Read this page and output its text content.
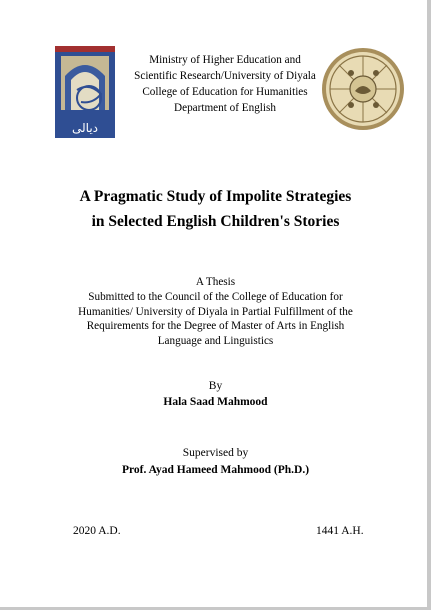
ديالى
Ministry of Higher Education and
Scientific Research/University of Diyala
College of Education for Humanities
Department of English
A Pragmatic Study of Impolite Strategies
in Selected English Children's Stories
A Thesis
Submitted to the Council of the College of Education for
Humanities/ University of Diyala in Partial Fulfillment of the
Requirements for the Degree of Master of Arts in English
Language and Linguistics
By
Hala Saad Mahmood
Supervised by
Prof. Ayad Hameed Mahmood (Ph.D.)
2020 A.D.	1441 A.H.
